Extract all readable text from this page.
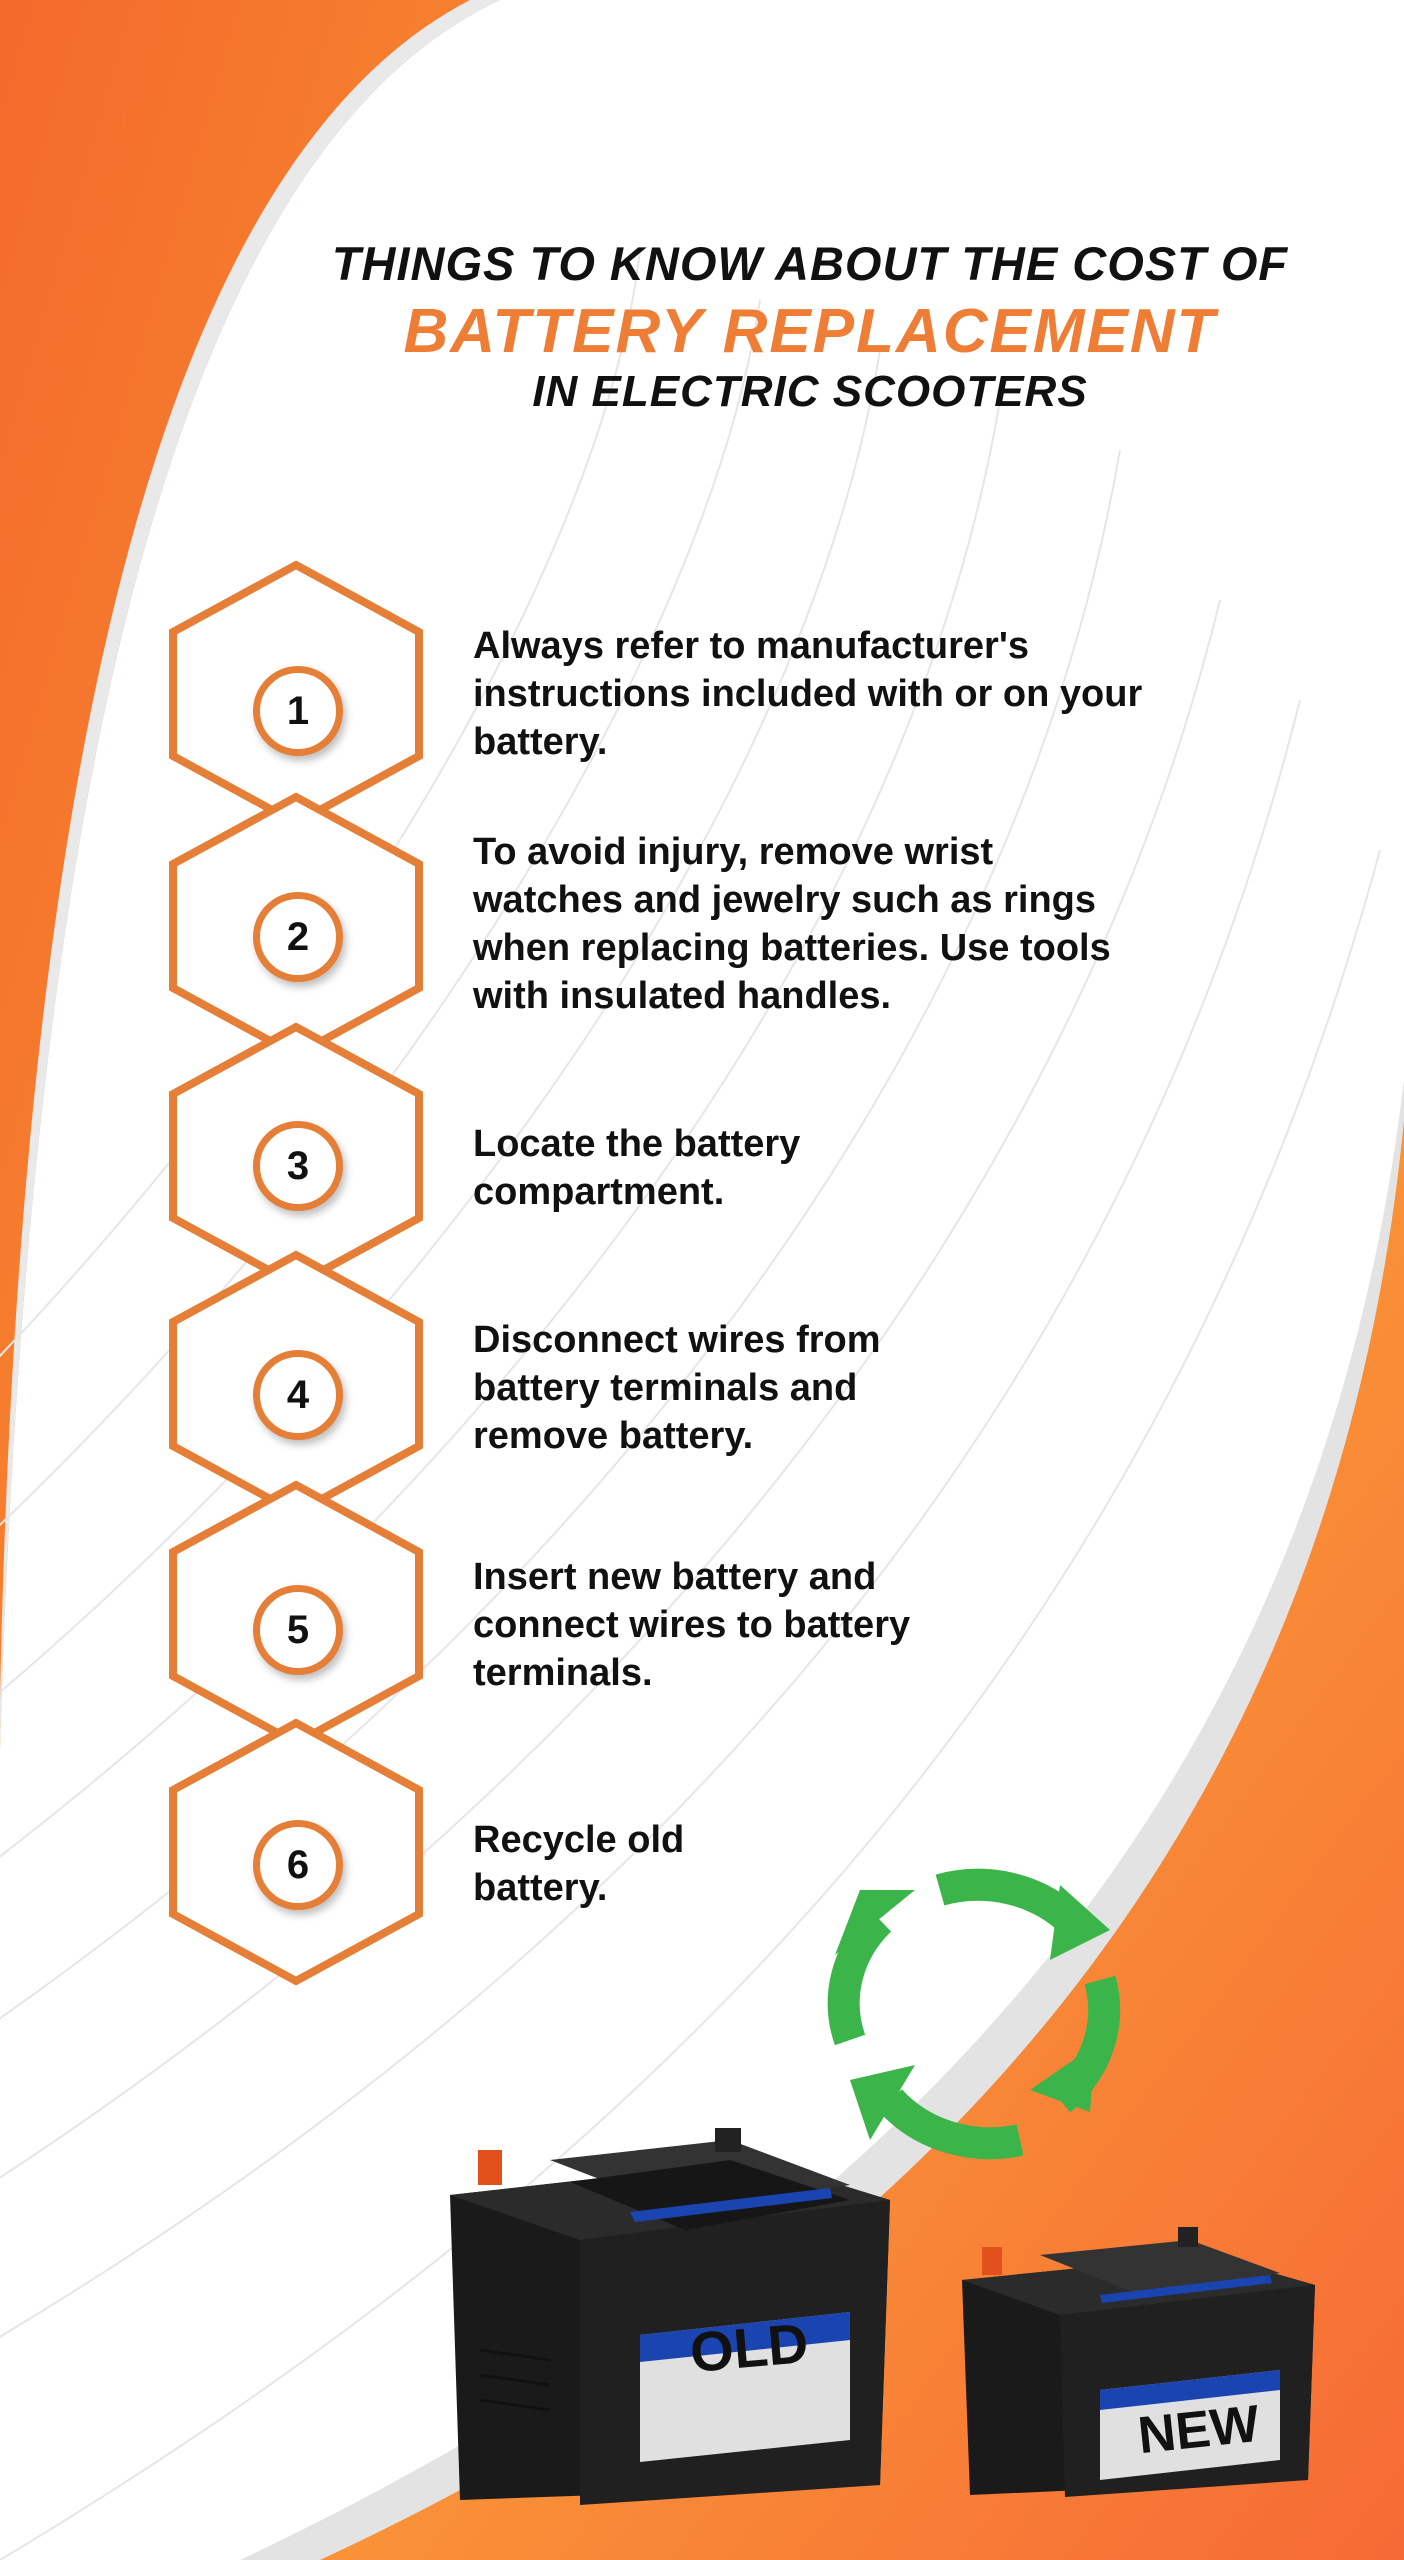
THINGS TO KNOW ABOUT THE COST OF
BATTERY REPLACEMENT
IN ELECTRIC SCOOTERS
1
2
3
4
5
6
Always refer to manufacturer's instructions included with or on your battery.
To avoid injury, remove wrist watches and jewelry such as rings when replacing batteries. Use tools with insulated handles.
Locate the battery compartment.
Disconnect wires from battery terminals and remove battery.
Insert new battery and connect wires to battery terminals.
Recycle old battery.
OLD
NEW
